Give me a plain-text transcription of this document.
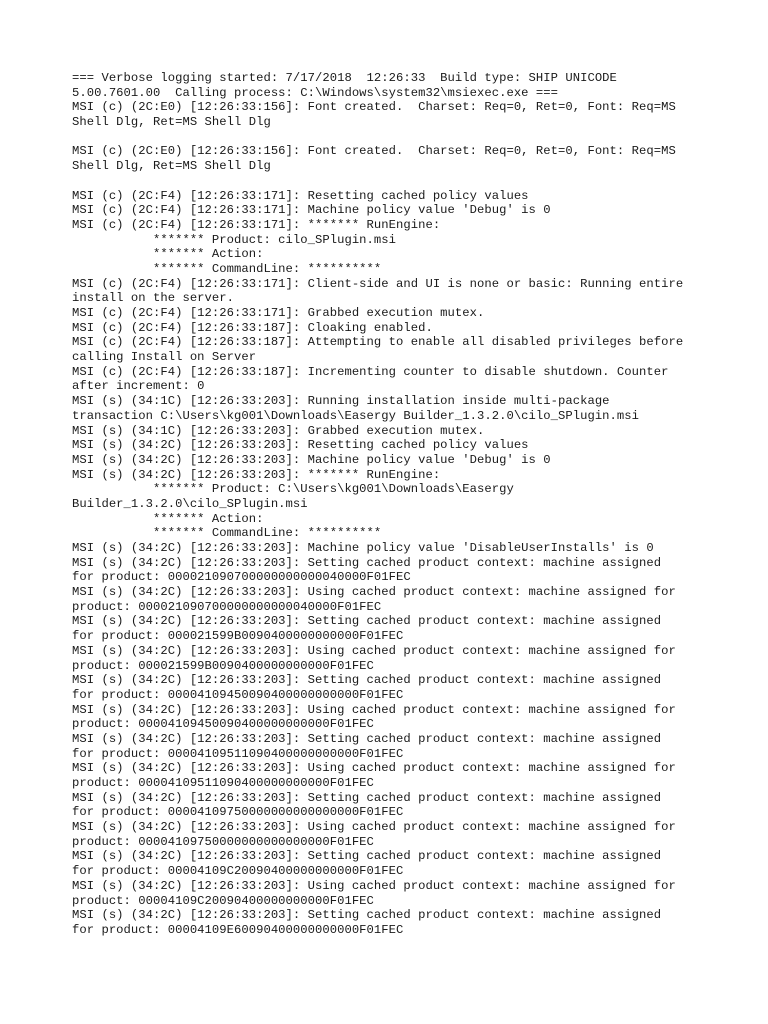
=== Verbose logging started: 7/17/2018  12:26:33  Build type: SHIP UNICODE
5.00.7601.00  Calling process: C:\Windows\system32\msiexec.exe ===
MSI (c) (2C:E0) [12:26:33:156]: Font created.  Charset: Req=0, Ret=0, Font: Req=MS
Shell Dlg, Ret=MS Shell Dlg
MSI (c) (2C:E0) [12:26:33:156]: Font created.  Charset: Req=0, Ret=0, Font: Req=MS
Shell Dlg, Ret=MS Shell Dlg
MSI (c) (2C:F4) [12:26:33:171]: Resetting cached policy values
MSI (c) (2C:F4) [12:26:33:171]: Machine policy value 'Debug' is 0
MSI (c) (2C:F4) [12:26:33:171]: ******* RunEngine:
******* Product: cilo_SPlugin.msi
******* Action:
******* CommandLine: **********
MSI (c) (2C:F4) [12:26:33:171]: Client-side and UI is none or basic: Running entire
install on the server.
MSI (c) (2C:F4) [12:26:33:171]: Grabbed execution mutex.
MSI (c) (2C:F4) [12:26:33:187]: Cloaking enabled.
MSI (c) (2C:F4) [12:26:33:187]: Attempting to enable all disabled privileges before
calling Install on Server
MSI (c) (2C:F4) [12:26:33:187]: Incrementing counter to disable shutdown. Counter
after increment: 0
MSI (s) (34:1C) [12:26:33:203]: Running installation inside multi-package
transaction C:\Users\kg001\Downloads\Easergy Builder_1.3.2.0\cilo_SPlugin.msi
MSI (s) (34:1C) [12:26:33:203]: Grabbed execution mutex.
MSI (s) (34:2C) [12:26:33:203]: Resetting cached policy values
MSI (s) (34:2C) [12:26:33:203]: Machine policy value 'Debug' is 0
MSI (s) (34:2C) [12:26:33:203]: ******* RunEngine:
******* Product: C:\Users\kg001\Downloads\Easergy
Builder_1.3.2.0\cilo_SPlugin.msi
******* Action:
******* CommandLine: **********
MSI (s) (34:2C) [12:26:33:203]: Machine policy value 'DisableUserInstalls' is 0
MSI (s) (34:2C) [12:26:33:203]: Setting cached product context: machine assigned
for product: 000021090700000000000040000F01FEC
MSI (s) (34:2C) [12:26:33:203]: Using cached product context: machine assigned for
product: 000021090700000000000040000F01FEC
MSI (s) (34:2C) [12:26:33:203]: Setting cached product context: machine assigned
for product: 000021599B0090400000000000F01FEC
MSI (s) (34:2C) [12:26:33:203]: Using cached product context: machine assigned for
product: 000021599B0090400000000000F01FEC
MSI (s) (34:2C) [12:26:33:203]: Setting cached product context: machine assigned
for product: 00004109450090400000000000F01FEC
MSI (s) (34:2C) [12:26:33:203]: Using cached product context: machine assigned for
product: 00004109450090400000000000F01FEC
MSI (s) (34:2C) [12:26:33:203]: Setting cached product context: machine assigned
for product: 00004109511090400000000000F01FEC
MSI (s) (34:2C) [12:26:33:203]: Using cached product context: machine assigned for
product: 00004109511090400000000000F01FEC
MSI (s) (34:2C) [12:26:33:203]: Setting cached product context: machine assigned
for product: 00004109750000000000000000F01FEC
MSI (s) (34:2C) [12:26:33:203]: Using cached product context: machine assigned for
product: 00004109750000000000000000F01FEC
MSI (s) (34:2C) [12:26:33:203]: Setting cached product context: machine assigned
for product: 00004109C20090400000000000F01FEC
MSI (s) (34:2C) [12:26:33:203]: Using cached product context: machine assigned for
product: 00004109C20090400000000000F01FEC
MSI (s) (34:2C) [12:26:33:203]: Setting cached product context: machine assigned
for product: 00004109E60090400000000000F01FEC
